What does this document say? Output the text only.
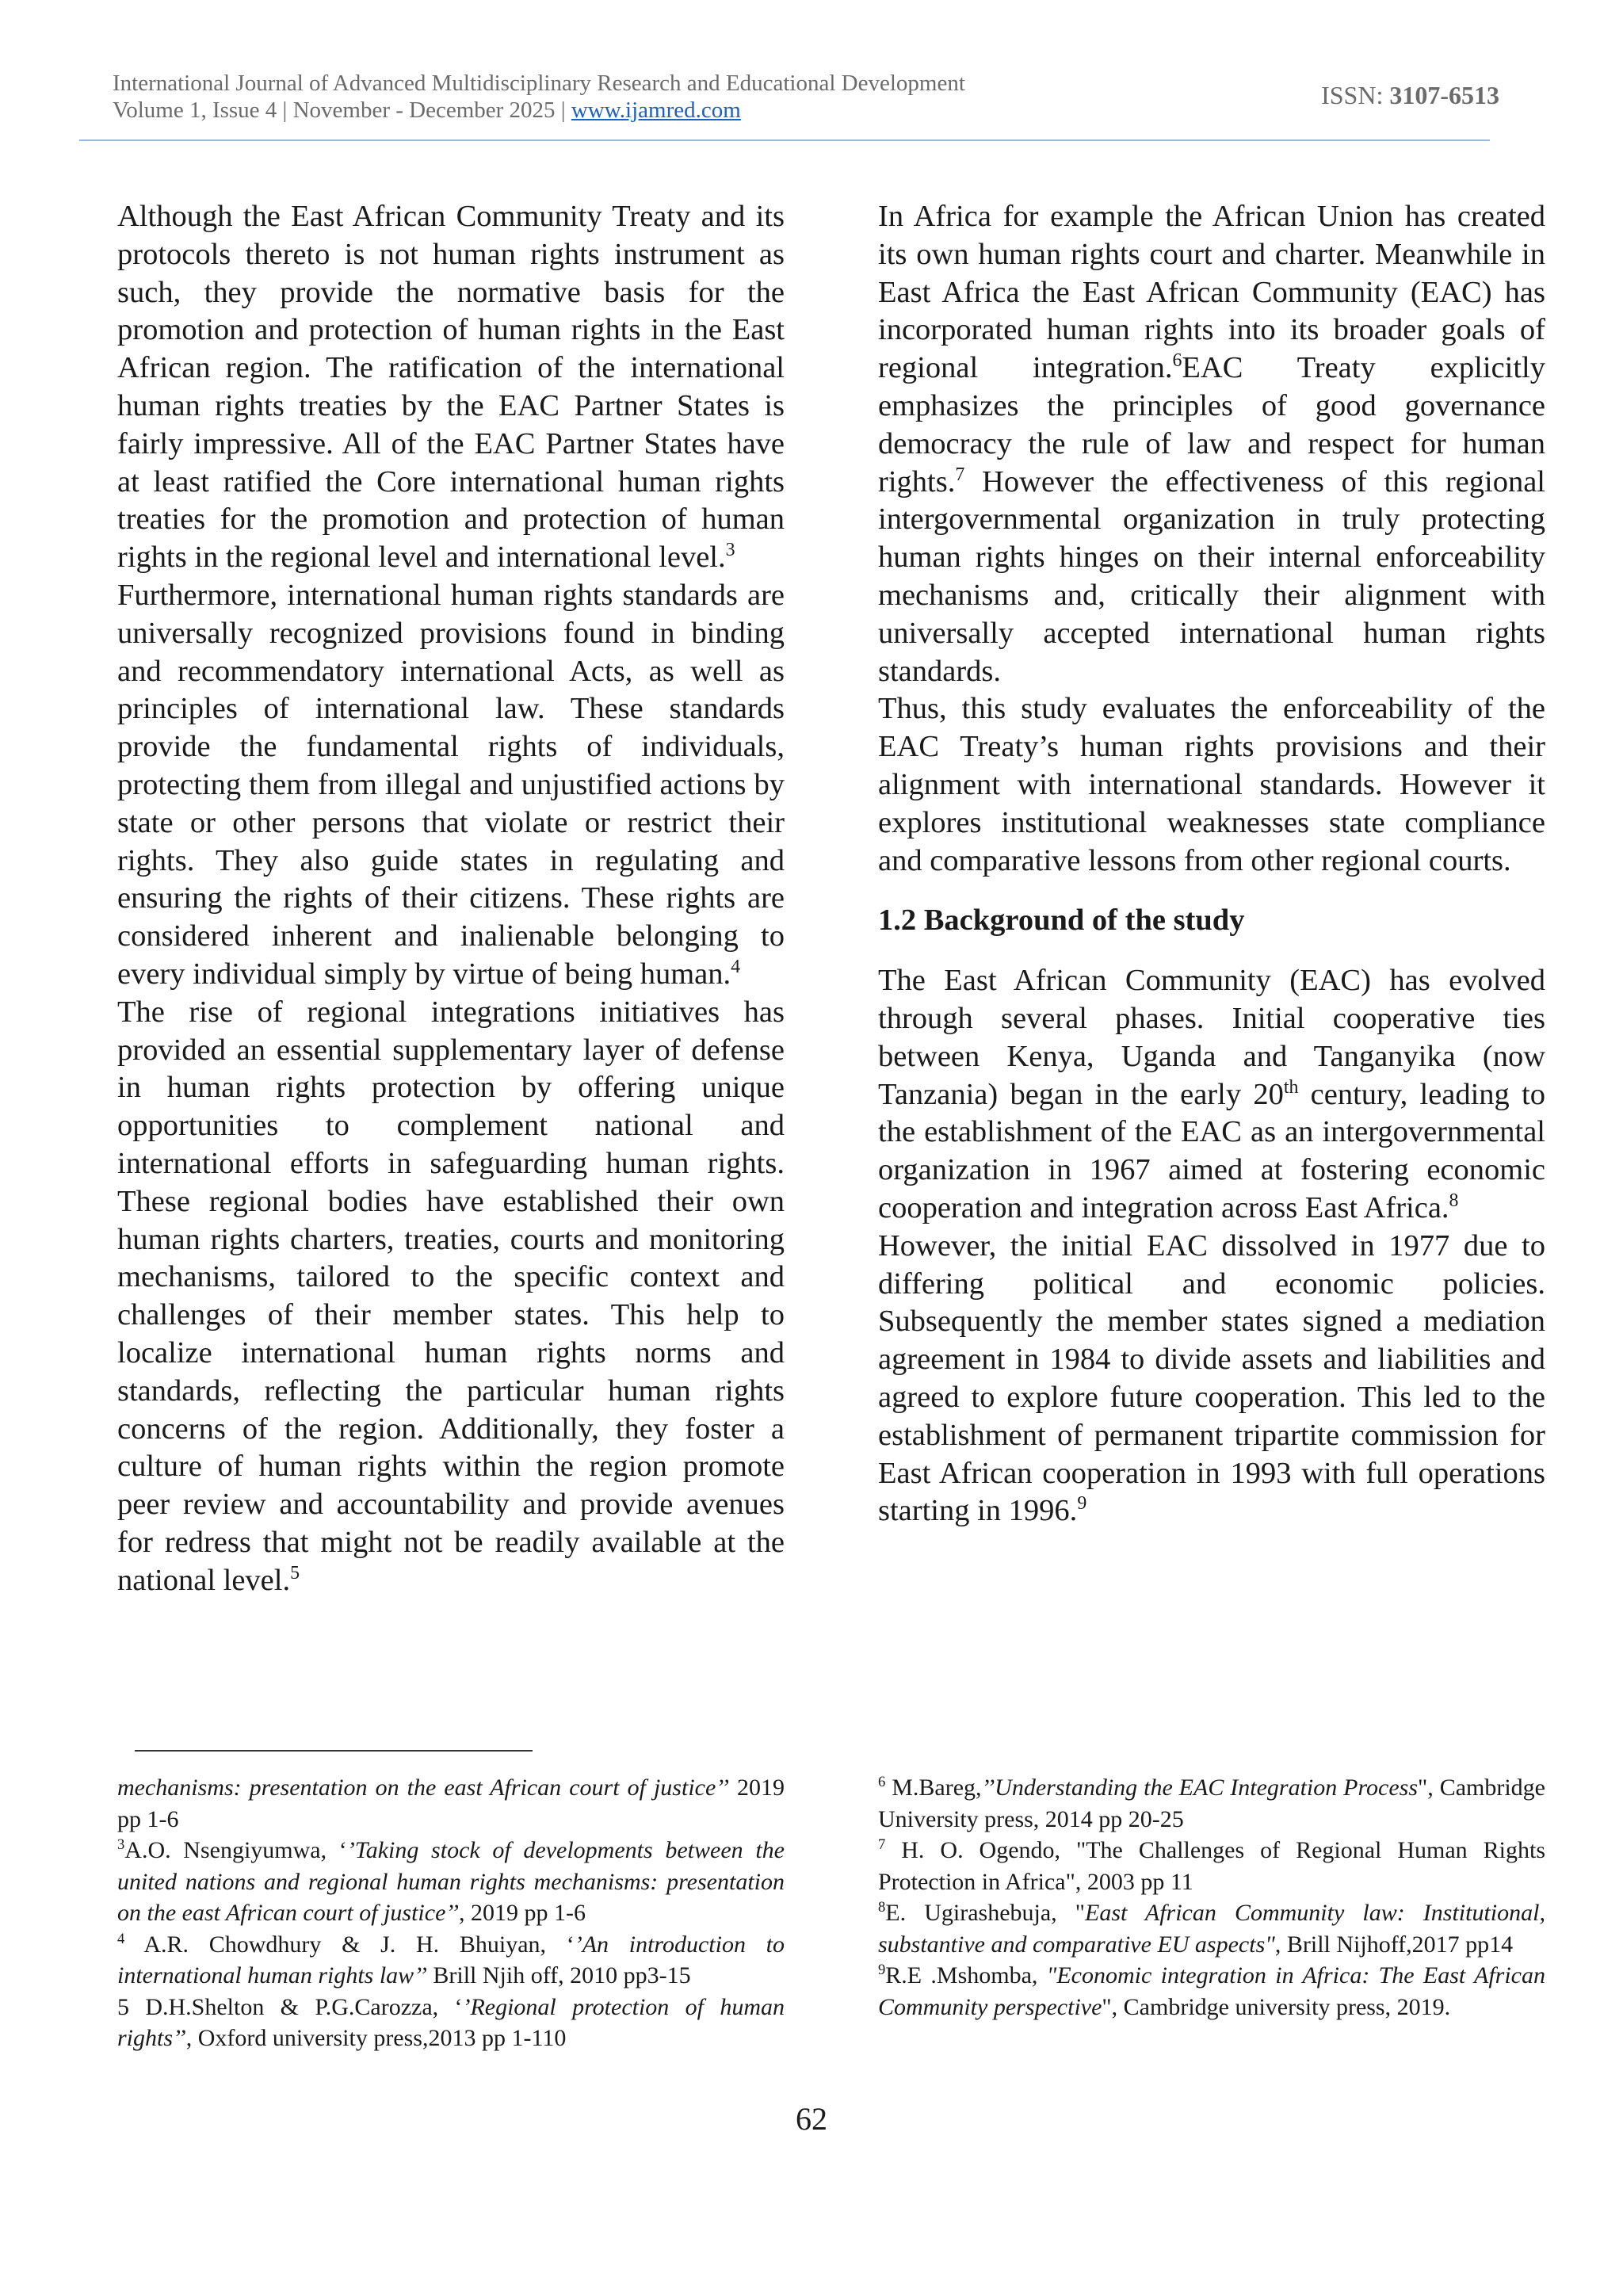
International Journal of Advanced Multidisciplinary Research and Educational Development
Volume 1, Issue 4 | November - December 2025 | www.ijamred.com
ISSN: 3107-6513

Although the East African Community Treaty and its protocols thereto is not human rights instrument as such, they provide the normative basis for the promotion and protection of human rights in the East African region. The ratification of the international human rights treaties by the EAC Partner States is fairly impressive. All of the EAC Partner States have at least ratified the Core international human rights treaties for the promotion and protection of human rights in the regional level and international level.$^3$

Furthermore, international human rights standards are universally recognized provisions found in binding and recommendatory international Acts, as well as principles of international law. These standards provide the fundamental rights of individuals, protecting them from illegal and unjustified actions by state or other persons that violate or restrict their rights. They also guide states in regulating and ensuring the rights of their citizens. These rights are considered inherent and inalienable belonging to every individual simply by virtue of being human.$^4$

The rise of regional integrations initiatives has provided an essential supplementary layer of defense in human rights protection by offering unique opportunities to complement national and international efforts in safeguarding human rights. These regional bodies have established their own human rights charters, treaties, courts and monitoring mechanisms, tailored to the specific context and challenges of their member states. This help to localize international human rights norms and standards, reflecting the particular human rights concerns of the region. Additionally, they foster a culture of human rights within the region promote peer review and accountability and provide avenues for redress that might not be readily available at the national level.$^5$

In Africa for example the African Union has created its own human rights court and charter. Meanwhile in East Africa the East African Community (EAC) has incorporated human rights into its broader goals of regional integration.$^6$EAC Treaty explicitly emphasizes the principles of good governance democracy the rule of law and respect for human rights.$^7$ However the effectiveness of this regional intergovernmental organization in truly protecting human rights hinges on their internal enforceability mechanisms and, critically their alignment with universally accepted international human rights standards.

Thus, this study evaluates the enforceability of the EAC Treaty’s human rights provisions and their alignment with international standards. However it explores institutional weaknesses state compliance and comparative lessons from other regional courts.

1.2 Background of the study

The East African Community (EAC) has evolved through several phases. Initial cooperative ties between Kenya, Uganda and Tanganyika (now Tanzania) began in the early 20th century, leading to the establishment of the EAC as an intergovernmental organization in 1967 aimed at fostering economic cooperation and integration across East Africa.$^8$

However, the initial EAC dissolved in 1977 due to differing political and economic policies. Subsequently the member states signed a mediation agreement in 1984 to divide assets and liabilities and agreed to explore future cooperation. This led to the establishment of permanent tripartite commission for East African cooperation in 1993 with full operations starting in 1996.$^9$

mechanisms: presentation on the east African court of justice’’ 2019 pp 1-6

$^3$A.O. Nsengiyumwa, ‘’Taking stock of developments between the united nations and regional human rights mechanisms: presentation on the east African court of justice’’, 2019 pp 1-6

$^4$ A.R. Chowdhury & J. H. Bhuiyan, ‘’An introduction to international human rights law’’ Brill Njih off, 2010 pp3-15

5 D.H.Shelton & P.G.Carozza, ‘’Regional protection of human rights’’, Oxford university press,2013 pp 1-110

$^6$ M.Bareg,’’Understanding the EAC Integration Process", Cambridge University press, 2014 pp 20-25

$^7$ H. O. Ogendo, "The Challenges of Regional Human Rights Protection in Africa", 2003 pp 11

$^8$E. Ugirashebuja, "East African Community law: Institutional, substantive and comparative EU aspects", Brill Nijhoff,2017 pp14

$^9$R.E .Mshomba, "Economic integration in Africa: The East African Community perspective", Cambridge university press, 2019.

62
